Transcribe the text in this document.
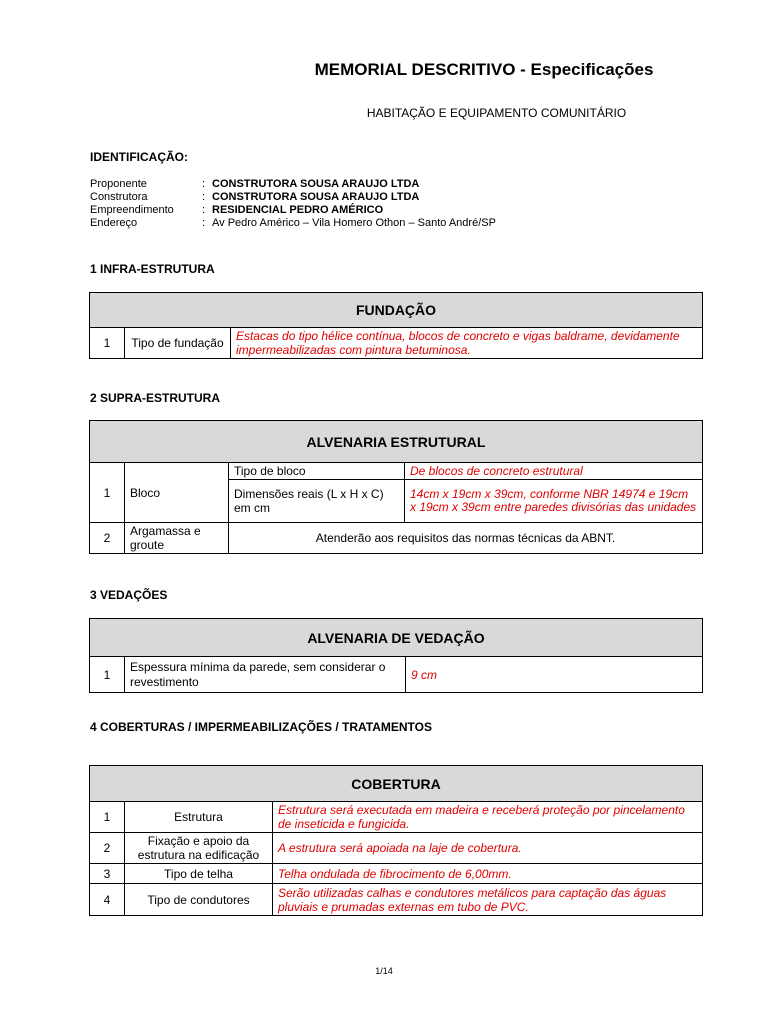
MEMORIAL DESCRITIVO - Especificações
HABITAÇÃO E EQUIPAMENTO COMUNITÁRIO
IDENTIFICAÇÃO:
Proponente	: CONSTRUTORA SOUSA ARAUJO LTDA
Construtora	: CONSTRUTORA SOUSA ARAUJO LTDA
Empreendimento	: RESIDENCIAL PEDRO AMÉRICO
Endereço	: Av Pedro Américo – Vila Homero Othon – Santo André/SP
1 INFRA-ESTRUTURA
FUNDAÇÃO
1	Tipo de fundação	Estacas do tipo hélice contínua, blocos de concreto e vigas baldrame, devidamente impermeabilizadas com pintura betuminosa.
2 SUPRA-ESTRUTURA
ALVENARIA ESTRUTURAL			
1	Bloco	Tipo de bloco	De blocos de concreto estrutural
		Dimensões reais (L x H x C) em cm	14cm x 19cm x 39cm, conforme NBR 14974 e 19cm x 19cm x 39cm entre paredes divisórias das unidades
2	Argamassa e groute	Atenderão aos requisitos das normas técnicas da ABNT.	
3 VEDAÇÕES
ALVENARIA DE VEDAÇÃO
1	Espessura mínima da parede, sem considerar o revestimento	9 cm
4 COBERTURAS / IMPERMEABILIZAÇÕES / TRATAMENTOS
COBERTURA		
1	Estrutura	Estrutura será executada em madeira e receberá proteção por pincelamento de inseticida e fungicida.
2	Fixação e apoio da estrutura na edificação	A estrutura será apoiada na laje de cobertura.
3	Tipo de telha	Telha ondulada de fibrocimento de 6,00mm.
4	Tipo de condutores	Serão utilizadas calhas e condutores metálicos para captação das águas pluviais e prumadas externas em tubo de PVC.
1/14
